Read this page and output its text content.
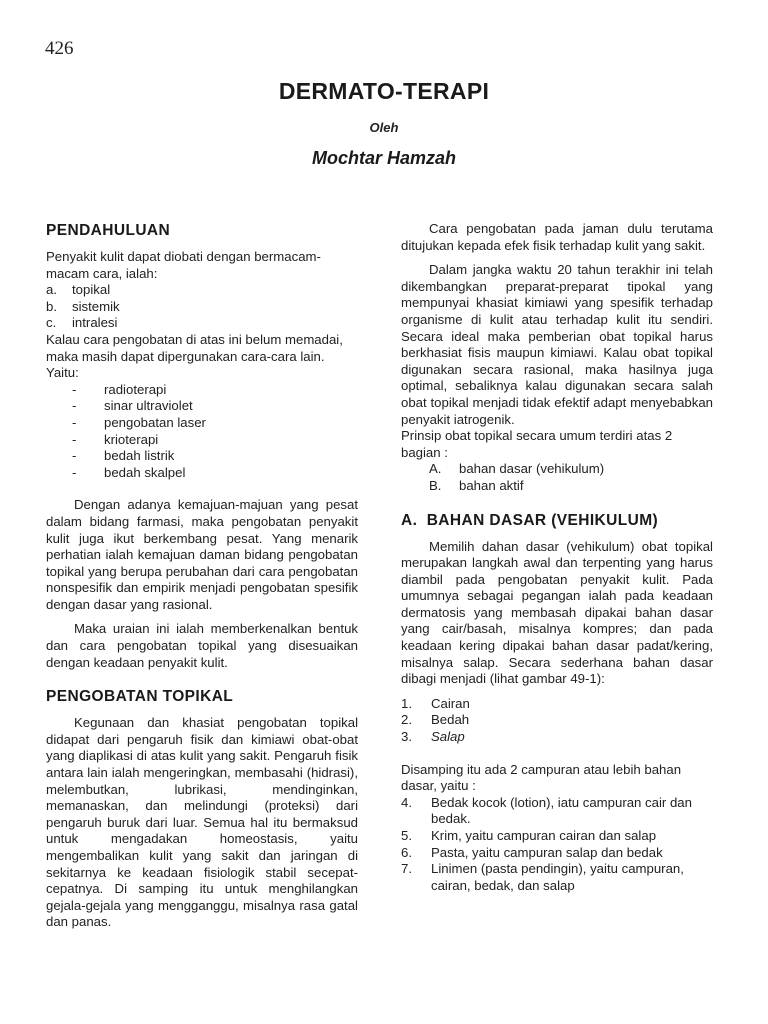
426
DERMATO-TERAPI
Oleh
Mochtar Hamzah
PENDAHULUAN

Penyakit kulit dapat diobati dengan bermacam-macam cara, ialah:

a.	topikal
b.	sistemik
c.	intralesi

Kalau cara pengobatan di atas ini belum memadai, maka masih dapat dipergunakan cara-cara lain. Yaitu:

-	radioterapi
-	sinar ultraviolet
-	pengobatan laser
-	krioterapi
-	bedah listrik
-	bedah skalpel

Dengan adanya kemajuan-majuan yang pesat dalam bidang farmasi, maka pengobatan penyakit kulit juga ikut berkembang pesat. Yang menarik perhatian ialah kemajuan daman bidang pengobatan topikal yang berupa perubahan dari cara pengobatan nonspesifik dan empirik menjadi pengobatan spesifik dengan dasar yang rasional.

Maka uraian ini ialah memberkenalkan bentuk dan cara pengobatan topikal yang disesuaikan dengan keadaan penyakit kulit.

PENGOBATAN TOPIKAL

Kegunaan dan khasiat pengobatan topikal didapat dari pengaruh fisik dan kimiawi obat-obat yang diaplikasi di atas kulit yang sakit. Pengaruh fisik antara lain ialah mengeringkan, membasahi (hidrasi), melembutkan, lubrikasi, mendinginkan, memanaskan, dan melindungi (proteksi) dari pengaruh buruk dari luar. Semua hal itu bermaksud untuk mengadakan homeostasis, yaitu mengembalikan kulit yang sakit dan jaringan di sekitarnya ke keadaan fisiologik stabil secepat-cepatnya. Di samping itu untuk menghilangkan gejala-gejala yang mengganggu, misalnya rasa gatal dan panas.

Cara pengobatan pada jaman dulu terutama ditujukan kepada efek fisik terhadap kulit yang sakit.

Dalam jangka waktu 20 tahun terakhir ini telah dikembangkan preparat-preparat tipokal yang mempunyai khasiat kimiawi yang spesifik terhadap organisme di kulit atau terhadap kulit itu sendiri. Secara ideal maka pemberian obat topikal harus berkhasiat fisis maupun kimiawi. Kalau obat topikal digunakan secara rasional, maka hasilnya juga optimal, sebaliknya kalau digunakan secara salah obat topikal menjadi tidak efektif adapt menyebabkan penyakit iatrogenik.

Prinsip obat topikal secara umum terdiri atas 2 bagian :

A.	bahan dasar (vehikulum)
B.	bahan aktif
A.  BAHAN DASAR (VEHIKULUM)

Memilih dahan dasar (vehikulum) obat topikal merupakan langkah awal dan terpenting yang harus diambil pada pengobatan penyakit kulit. Pada umumnya sebagai pegangan ialah pada keadaan dermatosis yang membasah dipakai bahan dasar yang cair/basah, misalnya kompres; dan pada keadaan kering dipakai bahan dasar padat/kering, misalnya salap. Secara sederhana bahan dasar dibagi menjadi (lihat gambar 49-1):

1.	Cairan
2.	Bedah
3.	Salap

Disamping itu ada 2 campuran atau lebih bahan dasar, yaitu :

4.	Bedak kocok (lotion), iatu campuran cair dan bedak.
5.	Krim, yaitu campuran cairan dan salap
6.	Pasta, yaitu campuran salap dan bedak
7.	Linimen (pasta pendingin), yaitu campuran, cairan, bedak, dan salap
